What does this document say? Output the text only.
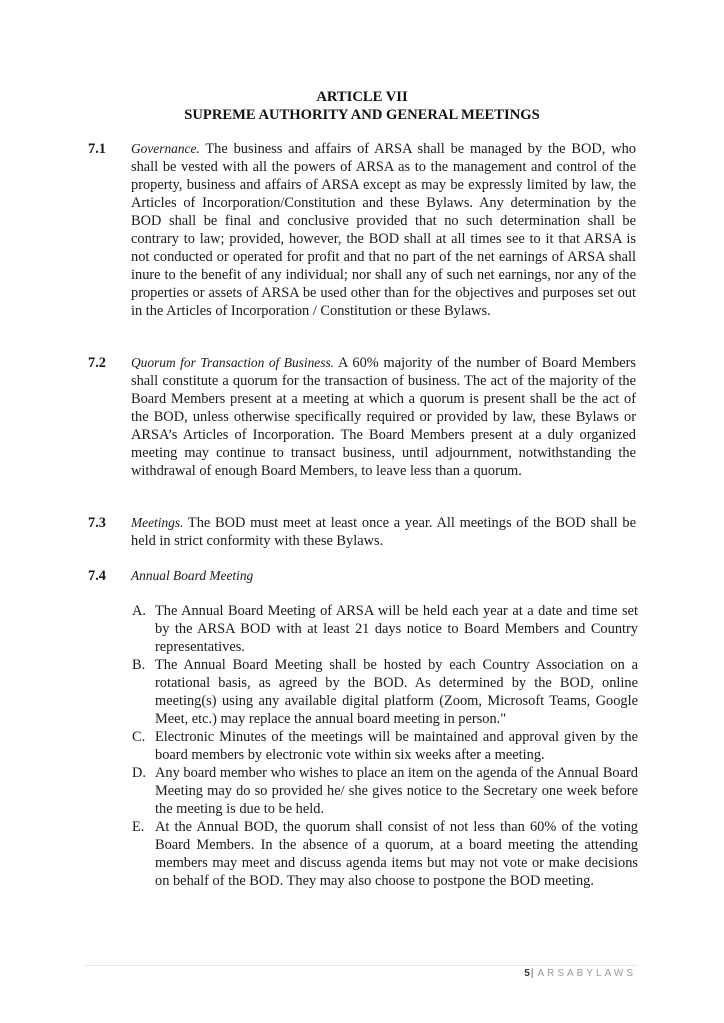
ARTICLE VII
SUPREME AUTHORITY AND GENERAL MEETINGS
7.1 Governance. The business and affairs of ARSA shall be managed by the BOD, who shall be vested with all the powers of ARSA as to the management and control of the property, business and affairs of ARSA except as may be expressly limited by law, the Articles of Incorporation/Constitution and these Bylaws. Any determination by the BOD shall be final and conclusive provided that no such determination shall be contrary to law; provided, however, the BOD shall at all times see to it that ARSA is not conducted or operated for profit and that no part of the net earnings of ARSA shall inure to the benefit of any individual; nor shall any of such net earnings, nor any of the properties or assets of ARSA be used other than for the objectives and purposes set out in the Articles of Incorporation / Constitution or these Bylaws.
7.2 Quorum for Transaction of Business. A 60% majority of the number of Board Members shall constitute a quorum for the transaction of business. The act of the majority of the Board Members present at a meeting at which a quorum is present shall be the act of the BOD, unless otherwise specifically required or provided by law, these Bylaws or ARSA’s Articles of Incorporation. The Board Members present at a duly organized meeting may continue to transact business, until adjournment, notwithstanding the withdrawal of enough Board Members, to leave less than a quorum.
7.3 Meetings. The BOD must meet at least once a year. All meetings of the BOD shall be held in strict conformity with these Bylaws.
7.4 Annual Board Meeting
A. The Annual Board Meeting of ARSA will be held each year at a date and time set by the ARSA BOD with at least 21 days notice to Board Members and Country representatives.
B. The Annual Board Meeting shall be hosted by each Country Association on a rotational basis, as agreed by the BOD. As determined by the BOD, online meeting(s) using any available digital platform (Zoom, Microsoft Teams, Google Meet, etc.) may replace the annual board meeting in person."
C. Electronic Minutes of the meetings will be maintained and approval given by the board members by electronic vote within six weeks after a meeting.
D. Any board member who wishes to place an item on the agenda of the Annual Board Meeting may do so provided he/ she gives notice to the Secretary one week before the meeting is due to be held.
E. At the Annual BOD, the quorum shall consist of not less than 60% of the voting Board Members. In the absence of a quorum, at a board meeting the attending members may meet and discuss agenda items but may not vote or make decisions on behalf of the BOD. They may also choose to postpone the BOD meeting.
5| ARSABYLAWS
